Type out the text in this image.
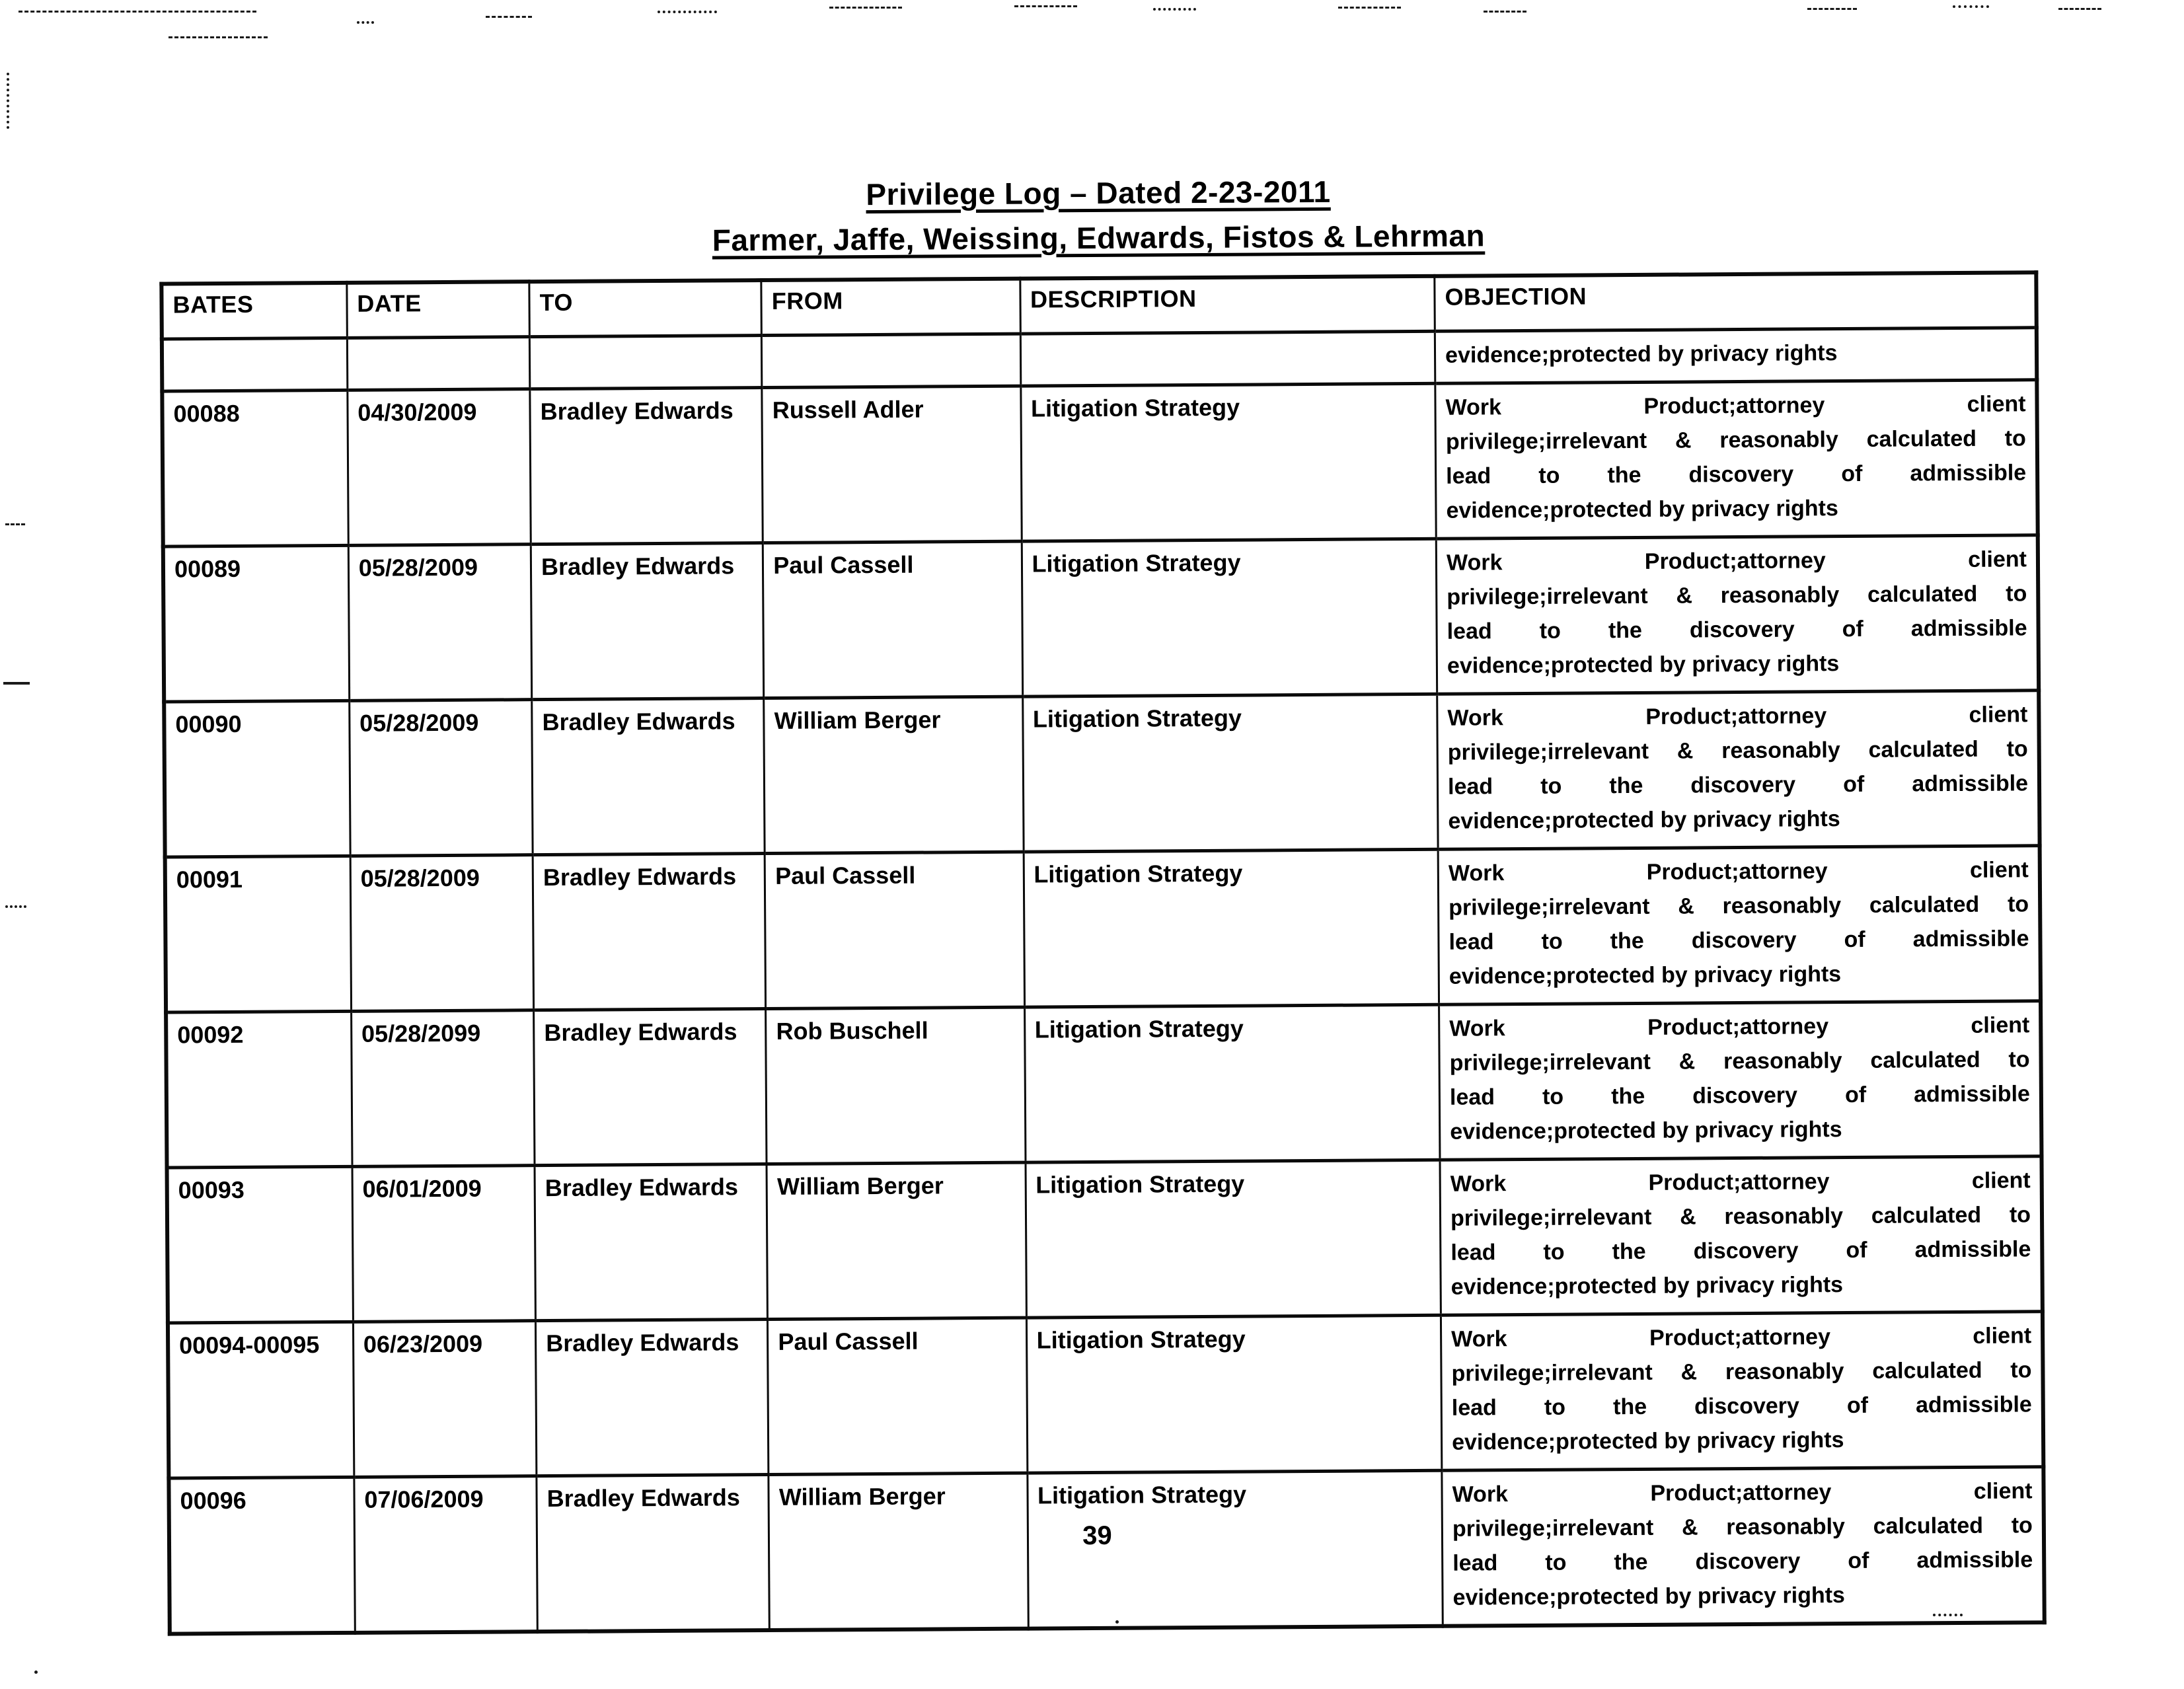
Privilege Log – Dated 2-23-2011
Farmer, Jaffe, Weissing, Edwards, Fistos & Lehrman
BATES	DATE	TO	FROM	DESCRIPTION	OBJECTION

					evidence;protected by privacy rights

00088	04/30/2009	Bradley Edwards	Russell Adler	Litigation Strategy	Work Product;attorney client
privilege;irrelevant & reasonably calculated to
lead to the discovery of admissible
evidence;protected by privacy rights

00089	05/28/2009	Bradley Edwards	Paul Cassell	Litigation Strategy	Work Product;attorney client
privilege;irrelevant & reasonably calculated to
lead to the discovery of admissible
evidence;protected by privacy rights

00090	05/28/2009	Bradley Edwards	William Berger	Litigation Strategy	Work Product;attorney client
privilege;irrelevant & reasonably calculated to
lead to the discovery of admissible
evidence;protected by privacy rights

00091	05/28/2009	Bradley Edwards	Paul Cassell	Litigation Strategy	Work Product;attorney client
privilege;irrelevant & reasonably calculated to
lead to the discovery of admissible
evidence;protected by privacy rights

00092	05/28/2099	Bradley Edwards	Rob Buschell	Litigation Strategy	Work Product;attorney client
privilege;irrelevant & reasonably calculated to
lead to the discovery of admissible
evidence;protected by privacy rights

00093	06/01/2009	Bradley Edwards	William Berger	Litigation Strategy	Work Product;attorney client
privilege;irrelevant & reasonably calculated to
lead to the discovery of admissible
evidence;protected by privacy rights

00094-00095	06/23/2009	Bradley Edwards	Paul Cassell	Litigation Strategy	Work Product;attorney client
privilege;irrelevant & reasonably calculated to
lead to the discovery of admissible
evidence;protected by privacy rights

00096	07/06/2009	Bradley Edwards	William Berger	Litigation Strategy	Work Product;attorney client
privilege;irrelevant & reasonably calculated to
lead to the discovery of admissible
evidence;protected by privacy rights
39
